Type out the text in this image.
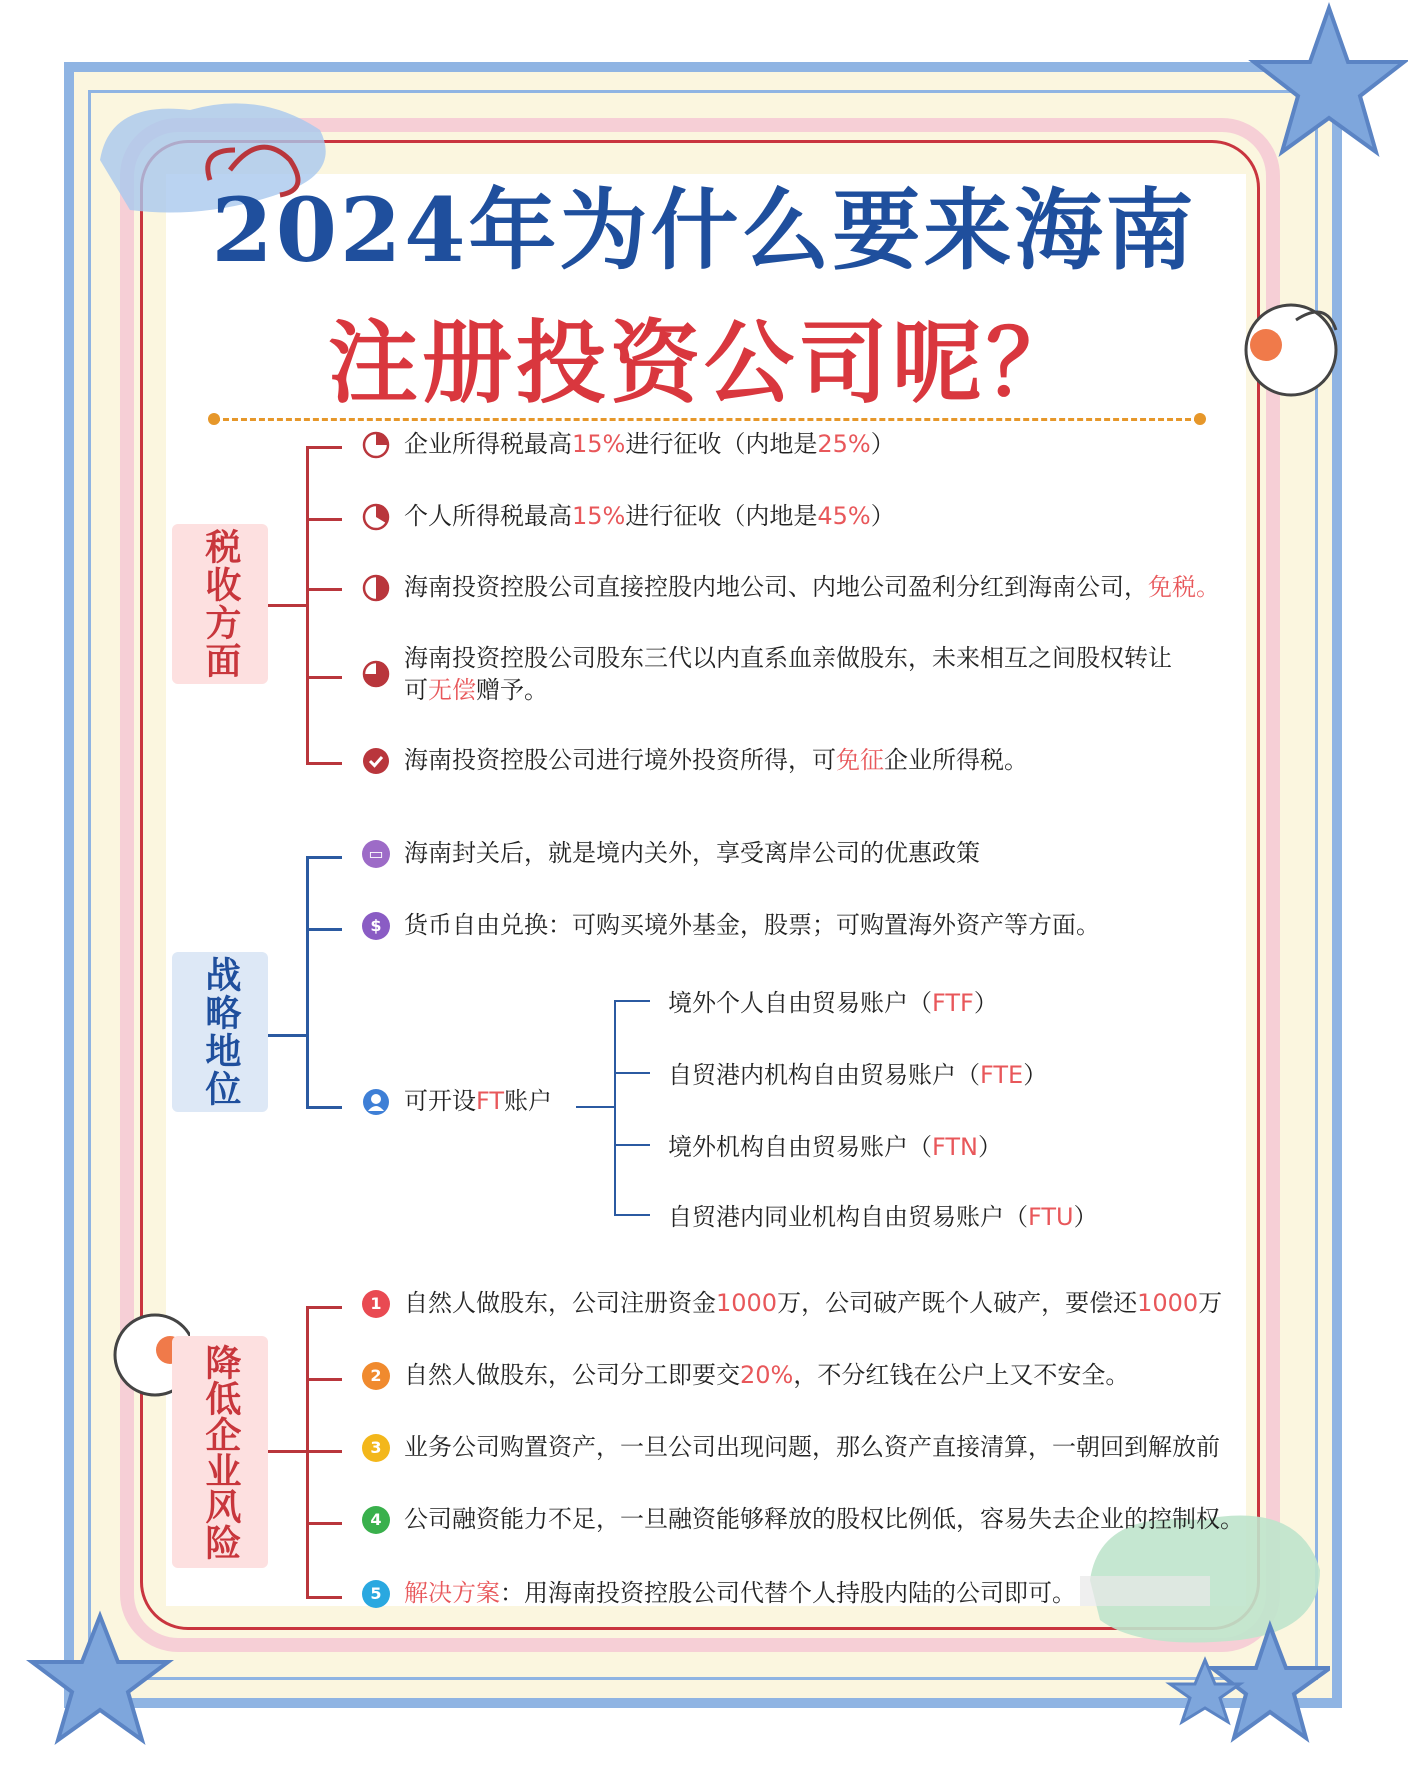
2024年为什么要来海南
注册投资公司呢？
税收方面
企业所得税最高15%进行征收（内地是25%）
个人所得税最高15%进行征收（内地是45%）
海南投资控股公司直接控股内地公司、内地公司盈利分红到海南公司，免税。
海南投资控股公司股东三代以内直系血亲做股东，未来相互之间股权转让
可无偿赠予。
海南投资控股公司进行境外投资所得，可免征企业所得税。
战略地位
▭ 海南封关后，就是境内关外，享受离岸公司的优惠政策
$ 货币自由兑换：可购买境外基金，股票；可购置海外资产等方面。
可开设FT账户
境外个人自由贸易账户（FTF）
自贸港内机构自由贸易账户（FTE）
境外机构自由贸易账户（FTN）
自贸港内同业机构自由贸易账户（FTU）
降低企业风险
1 自然人做股东，公司注册资金1000万，公司破产既个人破产，要偿还1000万
2 自然人做股东，公司分工即要交20%，不分红钱在公户上又不安全。
3 业务公司购置资产，一旦公司出现问题，那么资产直接清算，一朝回到解放前
4 公司融资能力不足，一旦融资能够释放的股权比例低，容易失去企业的控制权。
5 解决方案：用海南投资控股公司代替个人持股内陆的公司即可。
